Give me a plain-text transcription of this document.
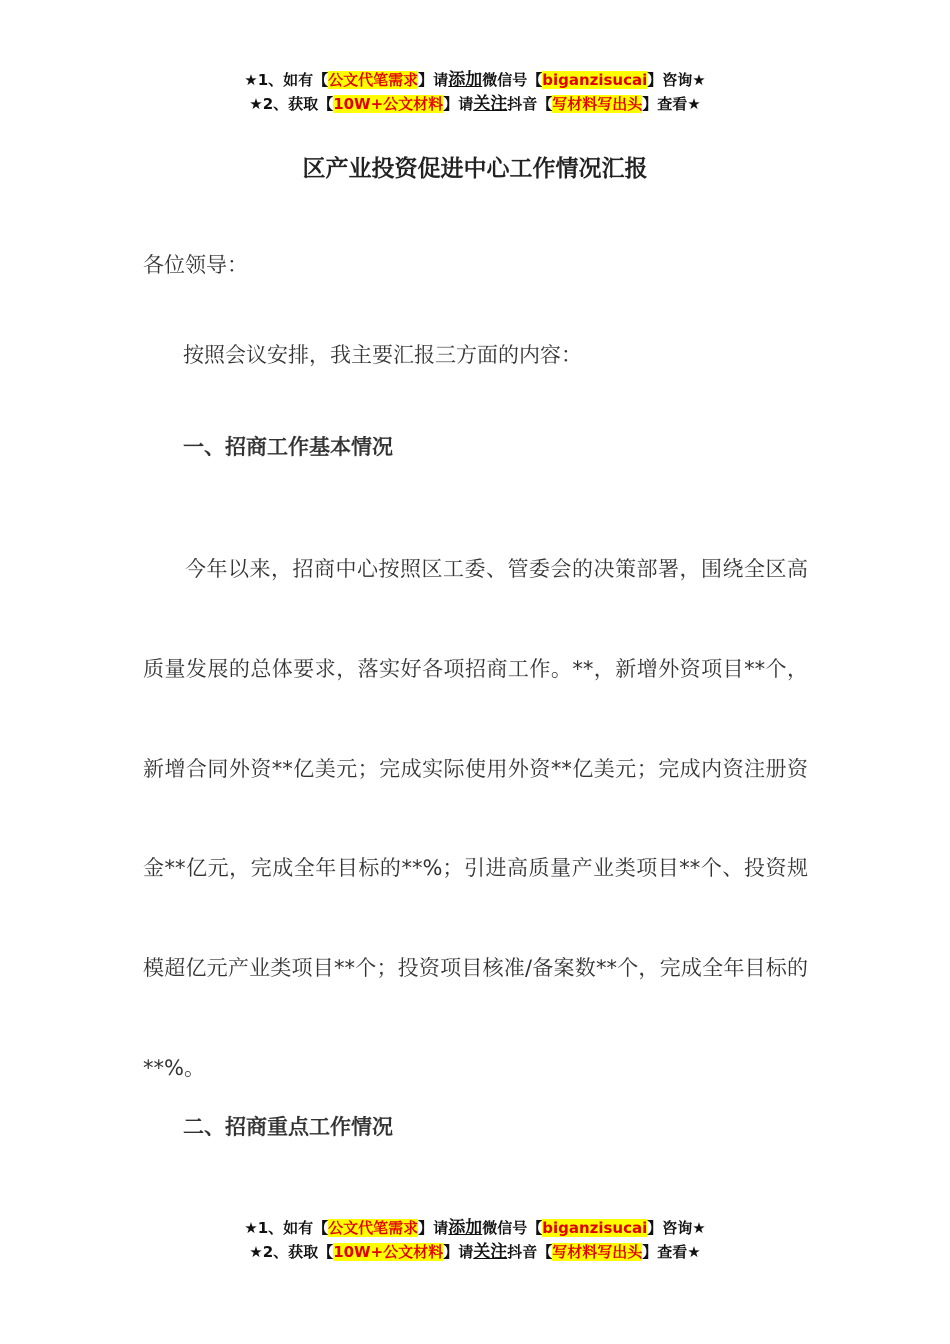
★1、如有【公文代笔需求】请添加微信号【biganzisucai】咨询★
★2、获取【10W+公文材料】请关注抖音【写材料写出头】查看★
区产业投资促进中心工作情况汇报
各位领导：
按照会议安排，我主要汇报三方面的内容：
一、招商工作基本情况
今年以来，招商中心按照区工委、管委会的决策部署，围绕全区高质量发展的总体要求，落实好各项招商工作。**，新增外资项目**个，新增合同外资**亿美元；完成实际使用外资**亿美元；完成内资注册资金**亿元，完成全年目标的**%；引进高质量产业类项目**个、投资规模超亿元产业类项目**个；投资项目核准/备案数**个，完成全年目标的**%。
二、招商重点工作情况
★1、如有【公文代笔需求】请添加微信号【biganzisucai】咨询★
★2、获取【10W+公文材料】请关注抖音【写材料写出头】查看★
